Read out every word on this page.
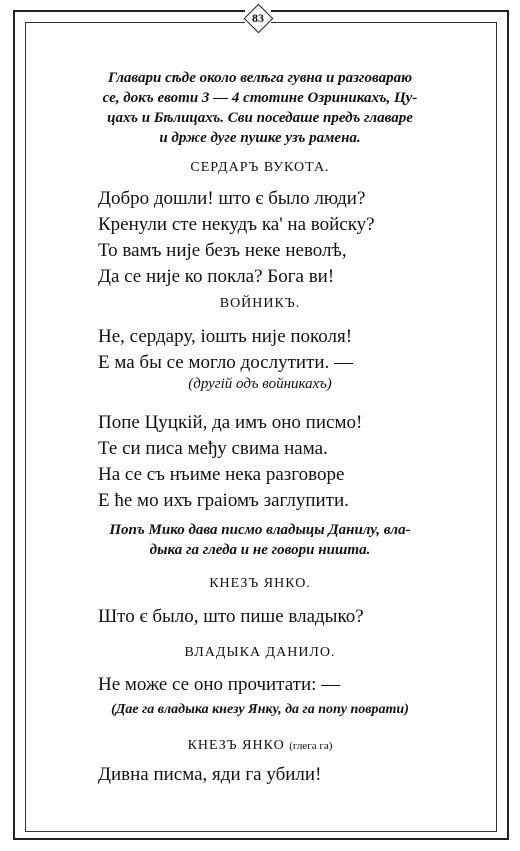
83
Главари сѣде около велѣга гувна и разговараю
се, докъ евоти 3 — 4 стотине Озриникахъ, Цу-
цахъ и Бѣлицахъ. Сви поседаше предъ главаре
и држе дуге пушке узъ рамена.
СЕРДАРЪ ВУКОТА.
Добро дошли! што є было люди?
Кренули сте некудъ ка' на войску?
То вамъ није безъ неке неволѣ,
Да се није ко покла? Бога ви!
ВОЙНИКЪ.
Не, сердару, іошть није поколя!
Е ма бы се могло дослутити. —
(другій одъ войникахъ)
Попе Цуцкій, да имъ оно писмо!
Те си писа међу свима нама.
На се съ нъиме нека разговоре
Е ће мо ихъ граіомъ заглупити.
Попъ Мико дава писмо владыцы Данилу, вла-
дыка га гледа и не говори ништа.
КНЕЗЪ ЯНКО.
Што є было, што пише владыко?
ВЛАДЫКА ДАНИЛО.
Не може се оно прочитати: —
(Дае га владыка кнезу Янку, да га попу поврати)
КНЕЗЪ ЯНКО (глега га)
Дивна писма, яди га убили!
